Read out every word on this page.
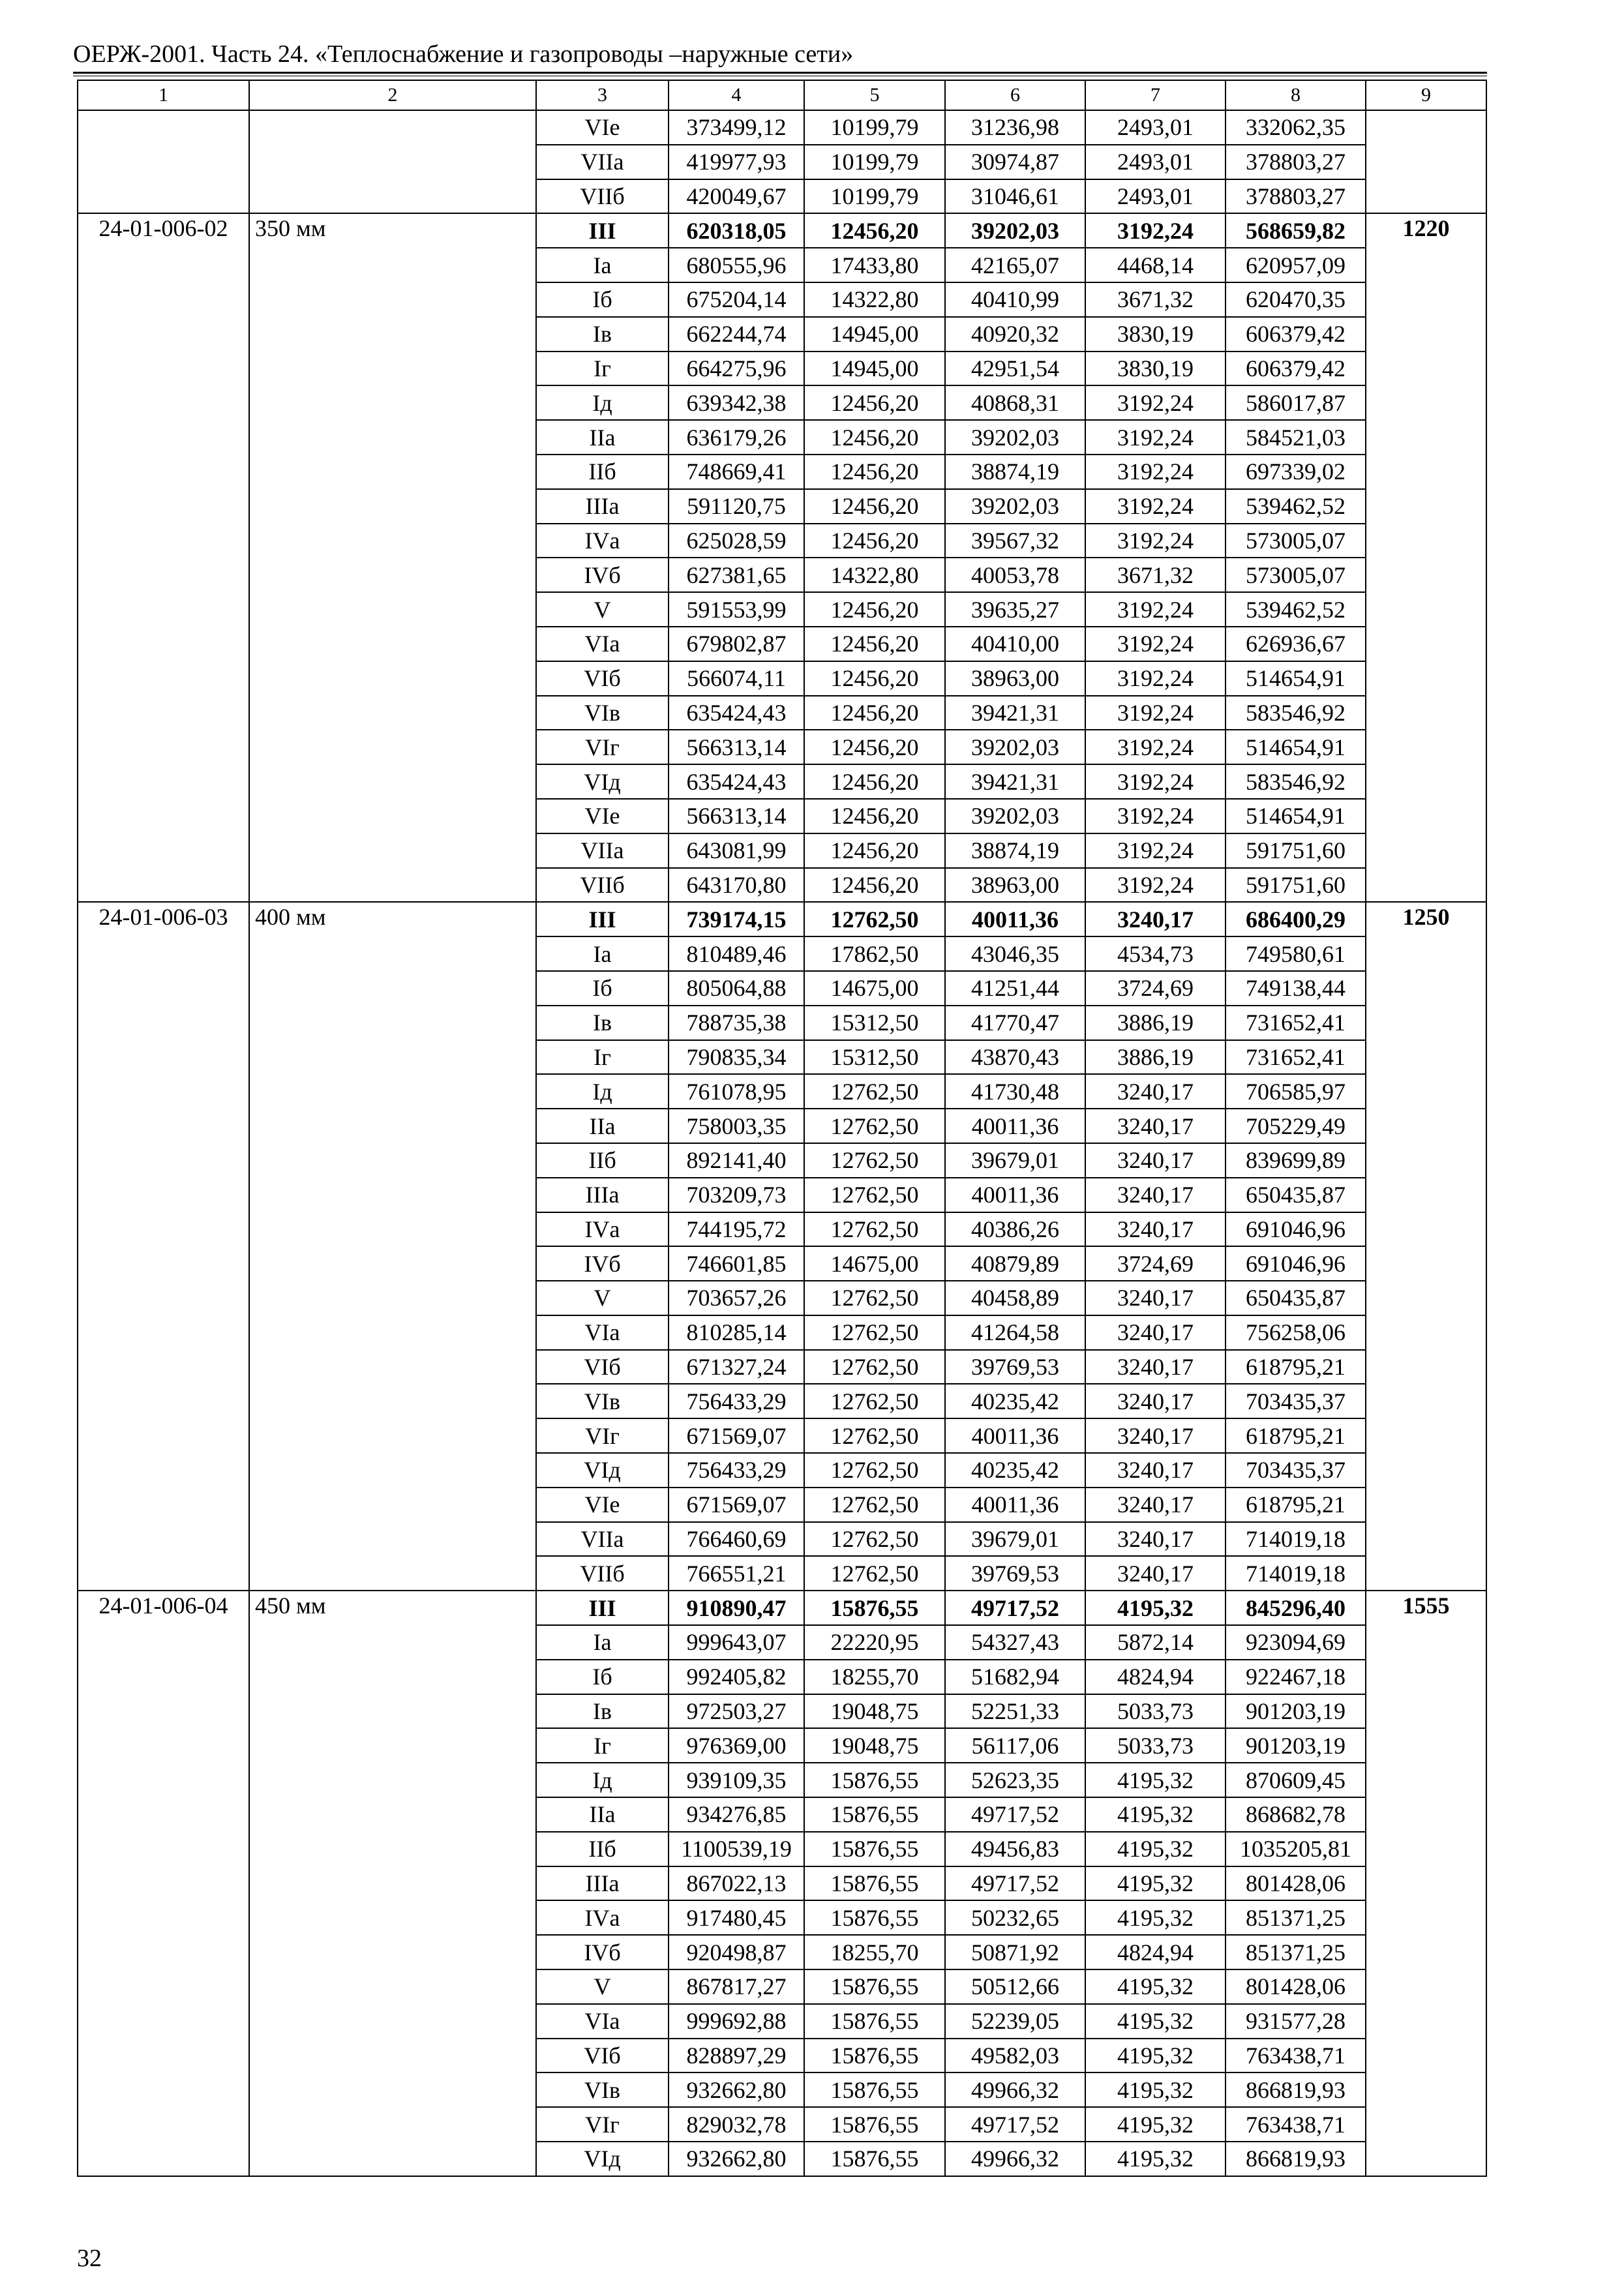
ОЕРЖ-2001. Часть 24. «Теплоснабжение и газопроводы –наружные сети»
1	2	3	4	5	6	7	8	9
		VIе	373499,12	10199,79	31236,98	2493,01	332062,35	
		VIIа	419977,93	10199,79	30974,87	2493,01	378803,27	
		VIIб	420049,67	10199,79	31046,61	2493,01	378803,27	
24-01-006-02	350 мм	III	620318,05	12456,20	39202,03	3192,24	568659,82	1220
		Iа	680555,96	17433,80	42165,07	4468,14	620957,09	
		Iб	675204,14	14322,80	40410,99	3671,32	620470,35	
		Iв	662244,74	14945,00	40920,32	3830,19	606379,42	
		Iг	664275,96	14945,00	42951,54	3830,19	606379,42	
		Iд	639342,38	12456,20	40868,31	3192,24	586017,87	
		IIа	636179,26	12456,20	39202,03	3192,24	584521,03	
		IIб	748669,41	12456,20	38874,19	3192,24	697339,02	
		IIIа	591120,75	12456,20	39202,03	3192,24	539462,52	
		IVа	625028,59	12456,20	39567,32	3192,24	573005,07	
		IVб	627381,65	14322,80	40053,78	3671,32	573005,07	
		V	591553,99	12456,20	39635,27	3192,24	539462,52	
		VIа	679802,87	12456,20	40410,00	3192,24	626936,67	
		VIб	566074,11	12456,20	38963,00	3192,24	514654,91	
		VIв	635424,43	12456,20	39421,31	3192,24	583546,92	
		VIг	566313,14	12456,20	39202,03	3192,24	514654,91	
		VIд	635424,43	12456,20	39421,31	3192,24	583546,92	
		VIе	566313,14	12456,20	39202,03	3192,24	514654,91	
		VIIа	643081,99	12456,20	38874,19	3192,24	591751,60	
		VIIб	643170,80	12456,20	38963,00	3192,24	591751,60	
24-01-006-03	400 мм	III	739174,15	12762,50	40011,36	3240,17	686400,29	1250
		Iа	810489,46	17862,50	43046,35	4534,73	749580,61	
		Iб	805064,88	14675,00	41251,44	3724,69	749138,44	
		Iв	788735,38	15312,50	41770,47	3886,19	731652,41	
		Iг	790835,34	15312,50	43870,43	3886,19	731652,41	
		Iд	761078,95	12762,50	41730,48	3240,17	706585,97	
		IIа	758003,35	12762,50	40011,36	3240,17	705229,49	
		IIб	892141,40	12762,50	39679,01	3240,17	839699,89	
		IIIа	703209,73	12762,50	40011,36	3240,17	650435,87	
		IVа	744195,72	12762,50	40386,26	3240,17	691046,96	
		IVб	746601,85	14675,00	40879,89	3724,69	691046,96	
		V	703657,26	12762,50	40458,89	3240,17	650435,87	
		VIа	810285,14	12762,50	41264,58	3240,17	756258,06	
		VIб	671327,24	12762,50	39769,53	3240,17	618795,21	
		VIв	756433,29	12762,50	40235,42	3240,17	703435,37	
		VIг	671569,07	12762,50	40011,36	3240,17	618795,21	
		VIд	756433,29	12762,50	40235,42	3240,17	703435,37	
		VIе	671569,07	12762,50	40011,36	3240,17	618795,21	
		VIIа	766460,69	12762,50	39679,01	3240,17	714019,18	
		VIIб	766551,21	12762,50	39769,53	3240,17	714019,18	
24-01-006-04	450 мм	III	910890,47	15876,55	49717,52	4195,32	845296,40	1555
		Iа	999643,07	22220,95	54327,43	5872,14	923094,69	
		Iб	992405,82	18255,70	51682,94	4824,94	922467,18	
		Iв	972503,27	19048,75	52251,33	5033,73	901203,19	
		Iг	976369,00	19048,75	56117,06	5033,73	901203,19	
		Iд	939109,35	15876,55	52623,35	4195,32	870609,45	
		IIа	934276,85	15876,55	49717,52	4195,32	868682,78	
		IIб	1100539,19	15876,55	49456,83	4195,32	1035205,81	
		IIIа	867022,13	15876,55	49717,52	4195,32	801428,06	
		IVа	917480,45	15876,55	50232,65	4195,32	851371,25	
		IVб	920498,87	18255,70	50871,92	4824,94	851371,25	
		V	867817,27	15876,55	50512,66	4195,32	801428,06	
		VIа	999692,88	15876,55	52239,05	4195,32	931577,28	
		VIб	828897,29	15876,55	49582,03	4195,32	763438,71	
		VIв	932662,80	15876,55	49966,32	4195,32	866819,93	
		VIг	829032,78	15876,55	49717,52	4195,32	763438,71	
		VIд	932662,80	15876,55	49966,32	4195,32	866819,93	
32
